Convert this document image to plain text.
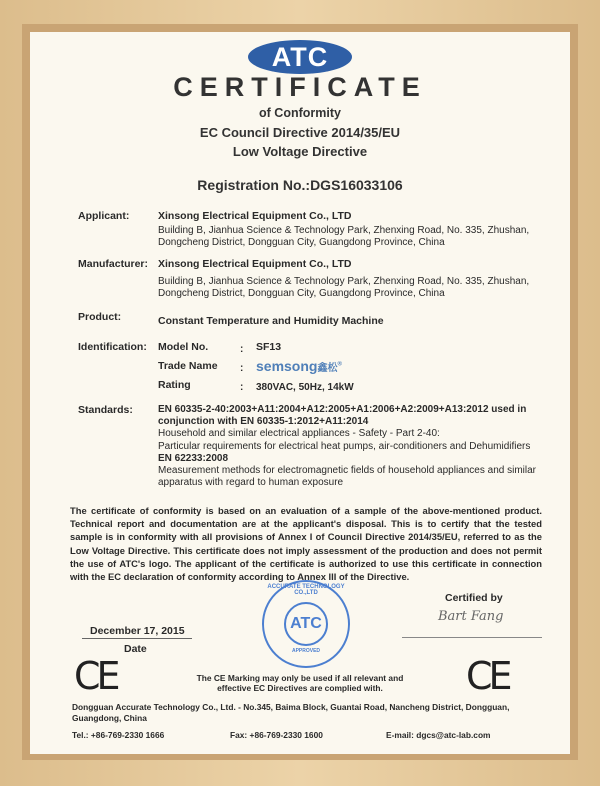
ATC
CERTIFICATE
of Conformity
EC Council Directive 2014/35/EU
Low Voltage Directive
Registration No.:DGS16033106
Applicant:	Xinsong Electrical Equipment Co., LTD
Building B, Jianhua Science & Technology Park, Zhenxing Road, No. 335, Zhushan,
Dongcheng District, Dongguan City, Guangdong Province, China
Manufacturer: Xinsong Electrical Equipment Co., LTD
Building B, Jianhua Science & Technology Park, Zhenxing Road, No. 335, Zhushan,
Dongcheng District, Dongguan City, Guangdong Province, China
Product:	Constant Temperature and Humidity Machine
Identification: Model No.	: SF13
Trade Name	: semsong鑫松®
Rating	: 380VAC, 50Hz, 14kW
Standards:	EN 60335-2-40:2003+A11:2004+A12:2005+A1:2006+A2:2009+A13:2012 used in
conjunction with EN 60335-1:2012+A11:2014
Household and similar electrical appliances - Safety - Part 2-40:
Particular requirements for electrical heat pumps, air-conditioners and Dehumidifiers
EN 62233:2008
Measurement methods for electromagnetic fields of household appliances and similar
apparatus with regard to human exposure
The certificate of conformity is based on an evaluation of a sample of the above-mentioned product. Technical report and documentation are at the applicant's disposal. This is to certify that the tested sample is in conformity with all provisions of Annex I of Council Directive 2014/35/EU, referred to as the Low Voltage Directive. This certificate does not imply assessment of the production and does not permit the use of ATC's logo. The applicant of the certificate is authorized to use this certificate in connection with the EC declaration of conformity according to Annex III of the Directive.
Certified by
Bart Fang
ATC
ACCURATE TECHNOLOGY CO.,LTD
APPROVED
December 17, 2015
Date
CE	CE
The CE Marking may only be used if all relevant and
effective EC Directives are complied with.
Dongguan Accurate Technology Co., Ltd. - No.345, Baima Block, Guantai Road, Nancheng District, Dongguan,
Guangdong, China
Tel.: +86-769-2330 1666	Fax: +86-769-2330 1600	E-mail: dgcs@atc-lab.com
